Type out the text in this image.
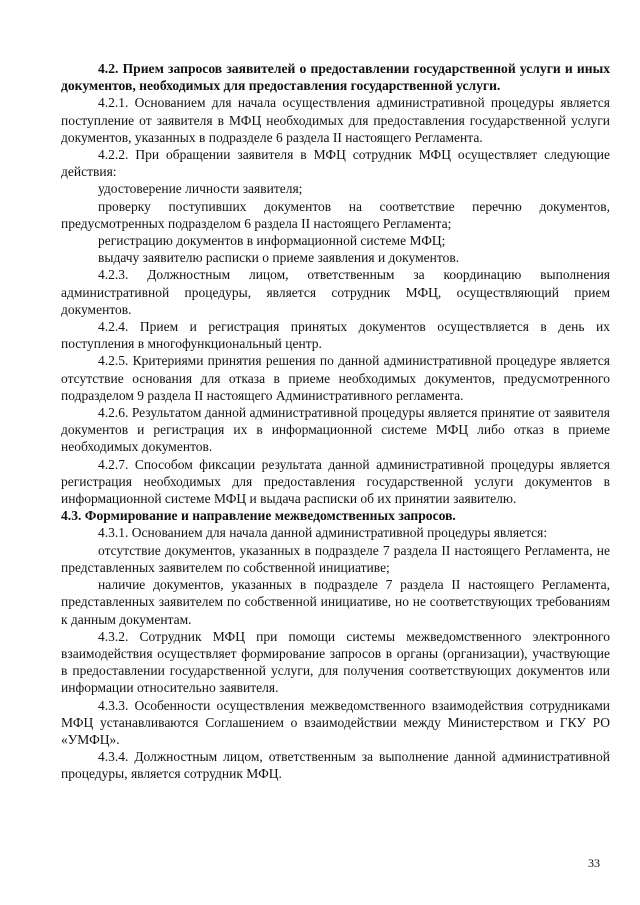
4.2. Прием запросов заявителей о предоставлении государственной услуги и иных документов, необходимых для предоставления государственной услуги.

4.2.1. Основанием для начала осуществления административной процедуры является поступление от заявителя в МФЦ необходимых для предоставления государственной услуги документов, указанных в подразделе 6 раздела II настоящего Регламента.

4.2.2. При обращении заявителя в МФЦ сотрудник МФЦ осуществляет следующие действия:

удостоверение личности заявителя;

проверку поступивших документов на соответствие перечню документов, предусмотренных подразделом 6 раздела II настоящего Регламента;

регистрацию документов в информационной системе МФЦ;

выдачу заявителю расписки о приеме заявления и документов.

4.2.3. Должностным лицом, ответственным за координацию выполнения административной процедуры, является сотрудник МФЦ, осуществляющий прием документов.

4.2.4. Прием и регистрация принятых документов осуществляется в день их поступления в многофункциональный центр.

4.2.5. Критериями принятия решения по данной административной процедуре является отсутствие основания для отказа в приеме необходимых документов, предусмотренного подразделом 9 раздела II настоящего Административного регламента.

4.2.6. Результатом данной административной процедуры является принятие от заявителя документов и регистрация их в информационной системе МФЦ либо отказ в приеме необходимых документов.

4.2.7. Способом фиксации результата данной административной процедуры является регистрация необходимых для предоставления государственной услуги документов в информационной системе МФЦ и выдача расписки об их принятии заявителю.

4.3. Формирование и направление межведомственных запросов.

4.3.1. Основанием для начала данной административной процедуры является:

отсутствие документов, указанных в подразделе 7 раздела II настоящего Регламента, не представленных заявителем по собственной инициативе;

наличие документов, указанных в подразделе 7 раздела II настоящего Регламента, представленных заявителем по собственной инициативе, но не соответствующих требованиям к данным документам.

4.3.2. Сотрудник МФЦ при помощи системы межведомственного электронного взаимодействия осуществляет формирование запросов в органы (организации), участвующие в предоставлении государственной услуги, для получения соответствующих документов или информации относительно заявителя.

4.3.3. Особенности осуществления межведомственного взаимодействия сотрудниками МФЦ устанавливаются Соглашением о взаимодействии между Министерством и ГКУ РО «УМФЦ».

4.3.4. Должностным лицом, ответственным за выполнение данной административной процедуры, является сотрудник МФЦ.

33
